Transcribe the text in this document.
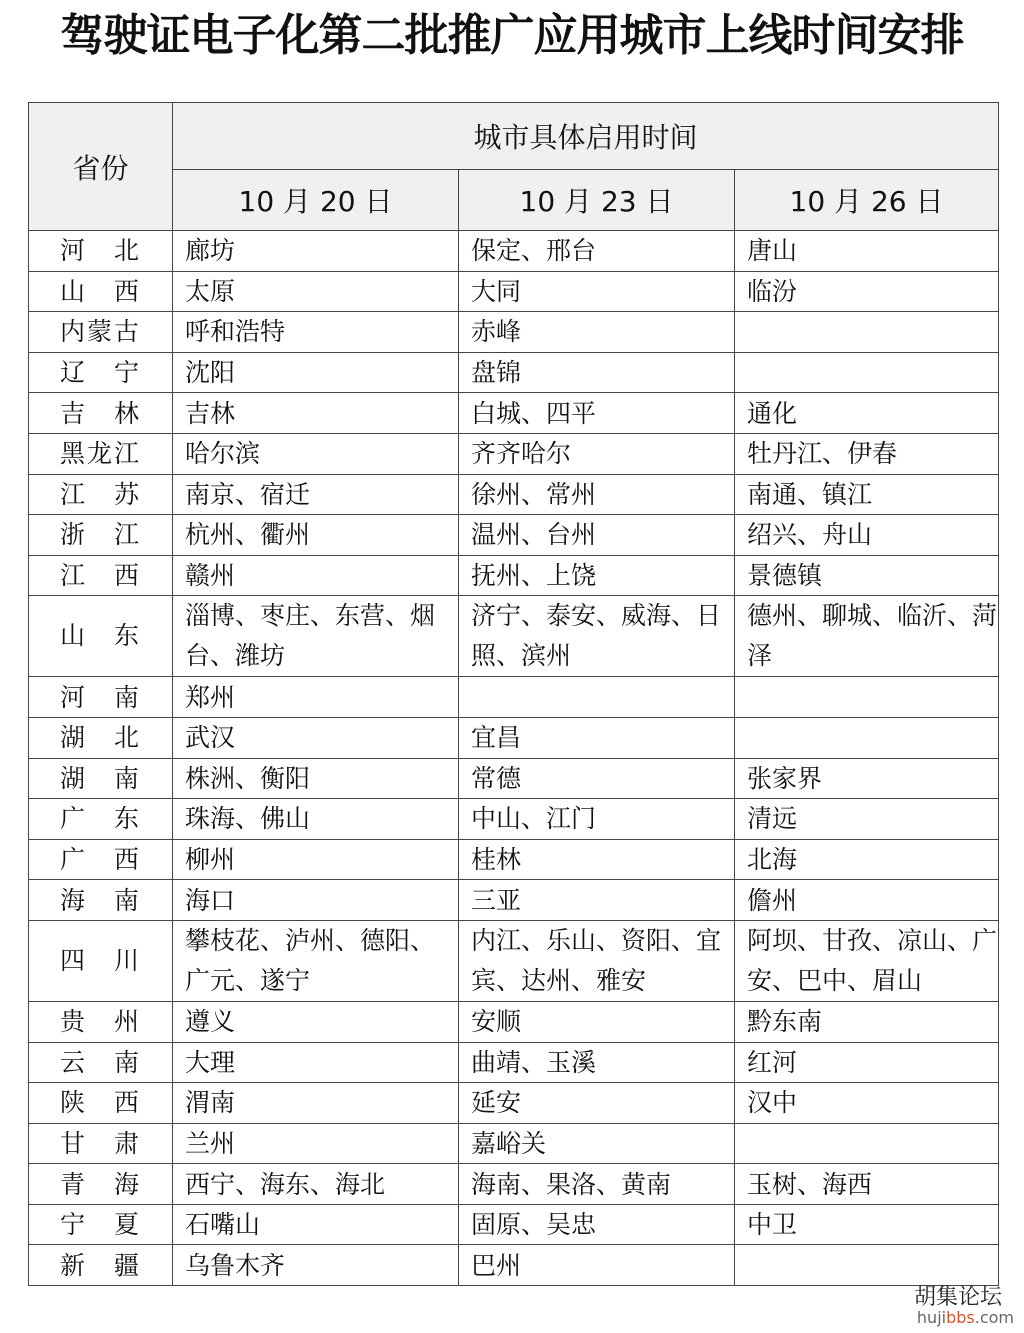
驾驶证电子化第二批推广应用城市上线时间安排
省份	城市具体启用时间		
	10 月 20 日	10 月 23 日	10 月 26 日
河　北	廊坊	保定、邢台	唐山
山　西	太原	大同	临汾
内蒙古	呼和浩特	赤峰	
辽　宁	沈阳	盘锦	
吉　林	吉林	白城、四平	通化
黑龙江	哈尔滨	齐齐哈尔	牡丹江、伊春
江　苏	南京、宿迁	徐州、常州	南通、镇江
浙　江	杭州、衢州	温州、台州	绍兴、舟山
江　西	赣州	抚州、上饶	景德镇
山　东	淄博、枣庄、东营、烟台、潍坊	济宁、泰安、威海、日照、滨州	德州、聊城、临沂、菏泽
河　南	郑州		
湖　北	武汉	宜昌	
湖　南	株洲、衡阳	常德	张家界
广　东	珠海、佛山	中山、江门	清远
广　西	柳州	桂林	北海
海　南	海口	三亚	儋州
四　川	攀枝花、泸州、德阳、广元、遂宁	内江、乐山、资阳、宜宾、达州、雅安	阿坝、甘孜、凉山、广安、巴中、眉山
贵　州	遵义	安顺	黔东南
云　南	大理	曲靖、玉溪	红河
陕　西	渭南	延安	汉中
甘　肃	兰州	嘉峪关	
青　海	西宁、海东、海北	海南、果洛、黄南	玉树、海西
宁　夏	石嘴山	固原、吴忠	中卫
新　疆	乌鲁木齐	巴州	
胡集论坛
hujibbs.com
